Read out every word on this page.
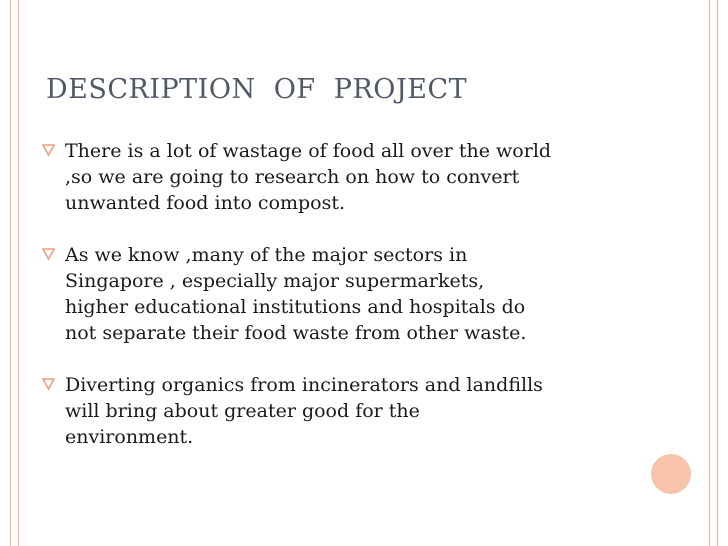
DESCRIPTION  OF  PROJECT
There is a lot of wastage of food all over the world
,so we are going to research on how to convert
unwanted food into compost.
As we know ,many of the major sectors in
Singapore , especially major supermarkets,
higher educational institutions and hospitals do
not separate their food waste from other waste.
Diverting organics from incinerators and landfills
will bring about greater good for the
environment.
